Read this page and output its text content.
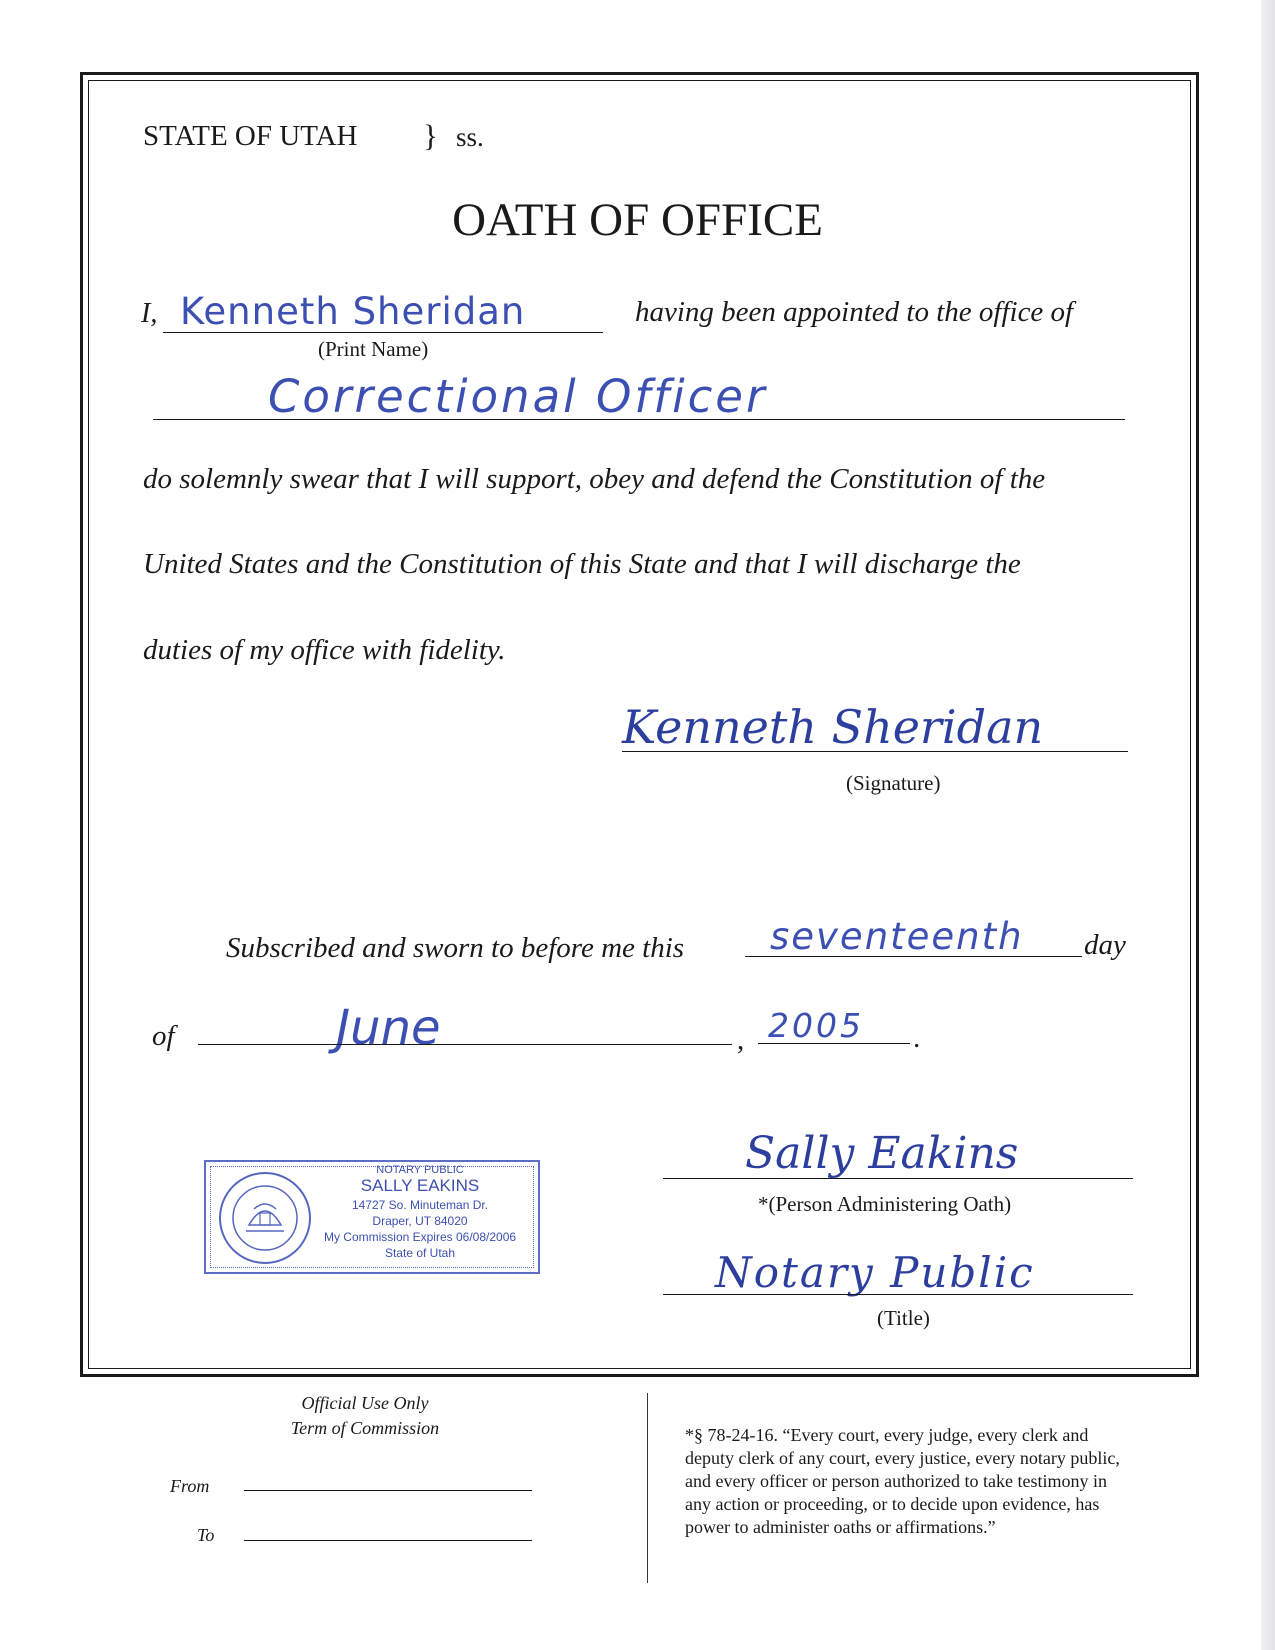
STATE OF UTAH } ss.
OATH OF OFFICE
I, Kenneth Sheridan
(Print Name)
having been appointed to the office of
Correctional Officer
do solemnly swear that I will support, obey and defend the Constitution of the
United States and the Constitution of this State and that I will discharge the
duties of my office with fidelity.
Kenneth Sheridan
(Signature)
Subscribed and sworn to before me this seventeenth day
of	June	, 2005 .
NOTARY PUBLIC
SALLY EAKINS
14727 So. Minuteman Dr.
Draper, UT 84020
My Commission Expires 06/08/2006
State of Utah
Sally Eakins
*(Person Administering Oath)
Notary Public
(Title)
Official Use Only
Term of Commission
From
To
*§ 78-24-16. “Every court, every judge, every clerk and
deputy clerk of any court, every justice, every notary public,
and every officer or person authorized to take testimony in
any action or proceeding, or to decide upon evidence, has
power to administer oaths or affirmations.”
